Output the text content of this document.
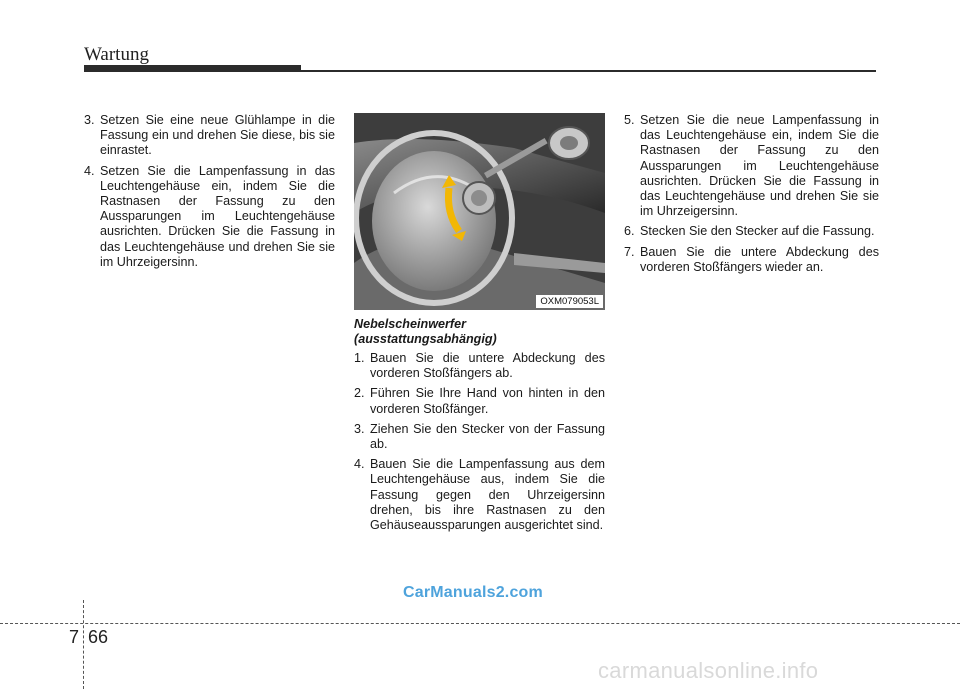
Wartung
3. Setzen Sie eine neue Glühlampe in die Fassung ein und drehen Sie diese, bis sie einrastet.
4. Setzen Sie die Lampenfassung in das Leuchtengehäuse ein, indem Sie die Rastnasen der Fassung zu den Aussparungen im Leuchtengehäuse ausrichten. Drücken Sie die Fassung in das Leuchtengehäuse und drehen Sie sie im Uhrzeigersinn.
OXM079053L
Nebelscheinwerfer
(ausstattungsabhängig)
1. Bauen Sie die untere Abdeckung des vorderen Stoßfängers ab.
2. Führen Sie Ihre Hand von hinten in den vorderen Stoßfänger.
3. Ziehen Sie den Stecker von der Fassung ab.
4. Bauen Sie die Lampenfassung aus dem Leuchtengehäuse aus, indem Sie die Fassung gegen den Uhrzeigersinn drehen, bis ihre Rastnasen zu den Gehäuseaussparungen ausgerichtet sind.
5. Setzen Sie die neue Lampenfassung in das Leuchtengehäuse ein, indem Sie die Rastnasen der Fassung zu den Aussparungen im Leuchtengehäuse ausrichten. Drücken Sie die Fassung in das Leuchtengehäuse und drehen Sie sie im Uhrzeigersinn.
6. Stecken Sie den Stecker auf die Fassung.
7. Bauen Sie die untere Abdeckung des vorderen Stoßfängers wieder an.
CarManuals2.com
carmanualsonline.info
7 66
